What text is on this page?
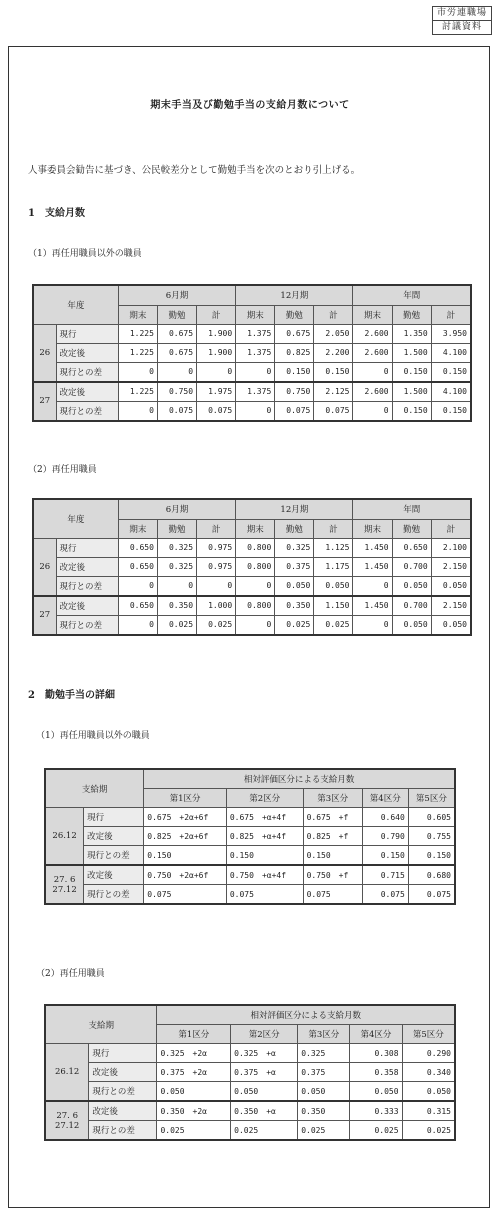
市労連職場
討議資料
期末手当及び勤勉手当の支給月数について
人事委員会勧告に基づき、公民較差分として勤勉手当を次のとおり引上げる。
1　支給月数
（1）再任用職員以外の職員
年度		6月期			12月期			年間		
		期末	勤勉	計	期末	勤勉	計	期末	勤勉	計
26	現行	1.225	0.675	1.900	1.375	0.675	2.050	2.600	1.350	3.950
	改定後	1.225	0.675	1.900	1.375	0.825	2.200	2.600	1.500	4.100
	現行との差	0	0	0	0	0.150	0.150	0	0.150	0.150
27	改定後	1.225	0.750	1.975	1.375	0.750	2.125	2.600	1.500	4.100
	現行との差	0	0.075	0.075	0	0.075	0.075	0	0.150	0.150
（2）再任用職員
年度		6月期			12月期			年間		
		期末	勤勉	計	期末	勤勉	計	期末	勤勉	計
26	現行	0.650	0.325	0.975	0.800	0.325	1.125	1.450	0.650	2.100
	改定後	0.650	0.325	0.975	0.800	0.375	1.175	1.450	0.700	2.150
	現行との差	0	0	0	0	0.050	0.050	0	0.050	0.050
27	改定後	0.650	0.350	1.000	0.800	0.350	1.150	1.450	0.700	2.150
	現行との差	0	0.025	0.025	0	0.025	0.025	0	0.050	0.050
2　勤勉手当の詳細
（1）再任用職員以外の職員
支給期		相対評価区分による支給月数				
		第1区分	第2区分	第3区分	第4区分	第5区分
26.12	現行	0.675　+2α+6f	0.675　+α+4f	0.675　+f	0.640	0.605
	改定後	0.825　+2α+6f	0.825　+α+4f	0.825　+f	0.790	0.755
	現行との差	0.150	0.150	0.150	0.150	0.150

27. 6
27.12	改定後	0.750　+2α+6f	0.750　+α+4f	0.750　+f	0.715	0.680
	現行との差	0.075	0.075	0.075	0.075	0.075
（2）再任用職員
支給期		相対評価区分による支給月数				
		第1区分	第2区分	第3区分	第4区分	第5区分
26.12	現行	0.325　+2α	0.325　+α	0.325	0.308	0.290
	改定後	0.375　+2α	0.375　+α	0.375	0.358	0.340
	現行との差	0.050	0.050	0.050	0.050	0.050

27. 6
27.12	改定後	0.350　+2α	0.350　+α	0.350	0.333	0.315
	現行との差	0.025	0.025	0.025	0.025	0.025
